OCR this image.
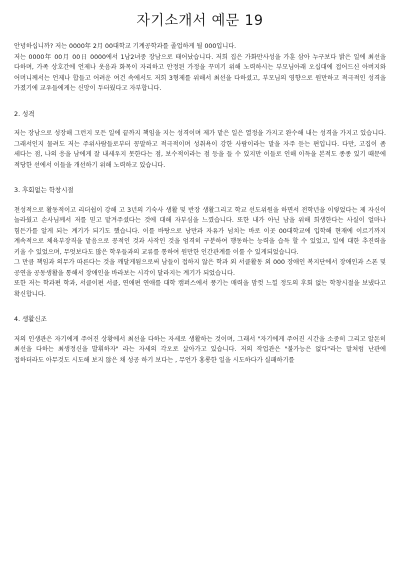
자기소개서 예문 19

안녕하십니까? 저는 0000年 2月 00대학교 기계공학과를 졸업하게 될 000입니다.

저는 0000年 00月 00日 0000에서 1남2녀중 장남으로 태어났습니다. 저희 집은 가화만사성을 가훈 삼아 누구보다 밝은 일에 최선을 다하며, 가족 상호간에 언제나 웃음과 화목이 자리하고 안정된 가정을 꾸미기 위해 노력하시는 부모님아래 오십대에 접어드신 아버지와 어머니께서는 언제나 합들고 어려운 여건 속에서도 저희 3형제를 위해서 최선을 다하셨고, 부모님의 영향으로 원만하고 적극적인 성격을 가졌기에 교우들에게는 신망이 두터웠다고 자부합니다.

2. 성격

저는 장남으로 성장해 그런지 모든 일에 끝까지 책임을 지는 성격이며 제가 맡은 일은 열정을 가지고 완수해 내는 성격을 가지고 있습니다. 그래서인지 물려도 저는 주위사람들로부터 꽁말하고 적극적이며 성취욕이 강한 사람이라는 말을 자주 듣는 편입니다. 다만, 고집이 좀 세다는 점, 나의 응을 남에게 잘 내세우지 못한다는 점, 보수적이라는 점 등을 들 수 있지만 이들로 인해 이득을 본적도 종종 있기 때문에 적당한 선에서 이들을 개선하기 위해 노력하고 있습니다.

3. 후회없는 학창시절

천성적으로 활동적이고 리더쉽이 강해 고 3년의 기숙사 생활 및 반장 생활그리고 학교 선도위원을 하면서 전학년을 이렇었다는 제 자신이 놀라웠고 손사님께서 저를 믿고 맡겨주셨다는 것에 대해 자부심을 느꼈습니다. 또한 내가 아닌 남을 위해 희생한다는 사실이 얼마나 힘든가를 알게 되는 계기가 되기도 했습니다. 이를 바탕으로 낭만과 자유가 넘치는 바로 이곳 00대학교에 입학해 현재에 이르기까지 계속적으로 체육부장직을 맡음으로 꽁적인 것과 사작인 것을 엄격히 구분하여 행동하는 능력을 습득 할 수 있었고, 일에 대한 추진력을 키울 수 있었으며, 무엇보다도 많은 학우들과의 교류를 통하여 원만한 인간관계를 이룰 수 있게되었습니다.

그 만큼 책임과 의무가 따른다는 것을 깨달게됨으로써 남들이 접하지 않은 학과 외 서클활동 외 000 장애인 복지단에서 장애인과 스폰 및 공연을 공동생활을 통해서 장애인을 바라보는 시각이 달라지는 계기가 되었습니다.

또한 저는 학과편 학과, 서클이편 서클, 연애편 연애를 대학 캠퍼스에서 풍기는 매력을 맘껏 느낄 정도의 후회 없는 학창시절을 보냈다고 확신합니다.

4. 생활신조

저의 인생관은 자기에게 주어진 상황에서 최선을 다하는 자세로 생활하는 것이며, 그래서 "자기에게 주어진 시간을 소중히 그리고 알돈히 최선을 다하는 최생정신을 발휘하자" 라는 자세의 각오로 살아가고 있습니다. 저의 작업관은 "불가능은 없다"라는 말처럼 난관에 접하더라도 아무것도 시도해 보지 않은 채 성공 하기 보다는 , 무언가 홍롱한 일을 시도하다가 실패하기를
